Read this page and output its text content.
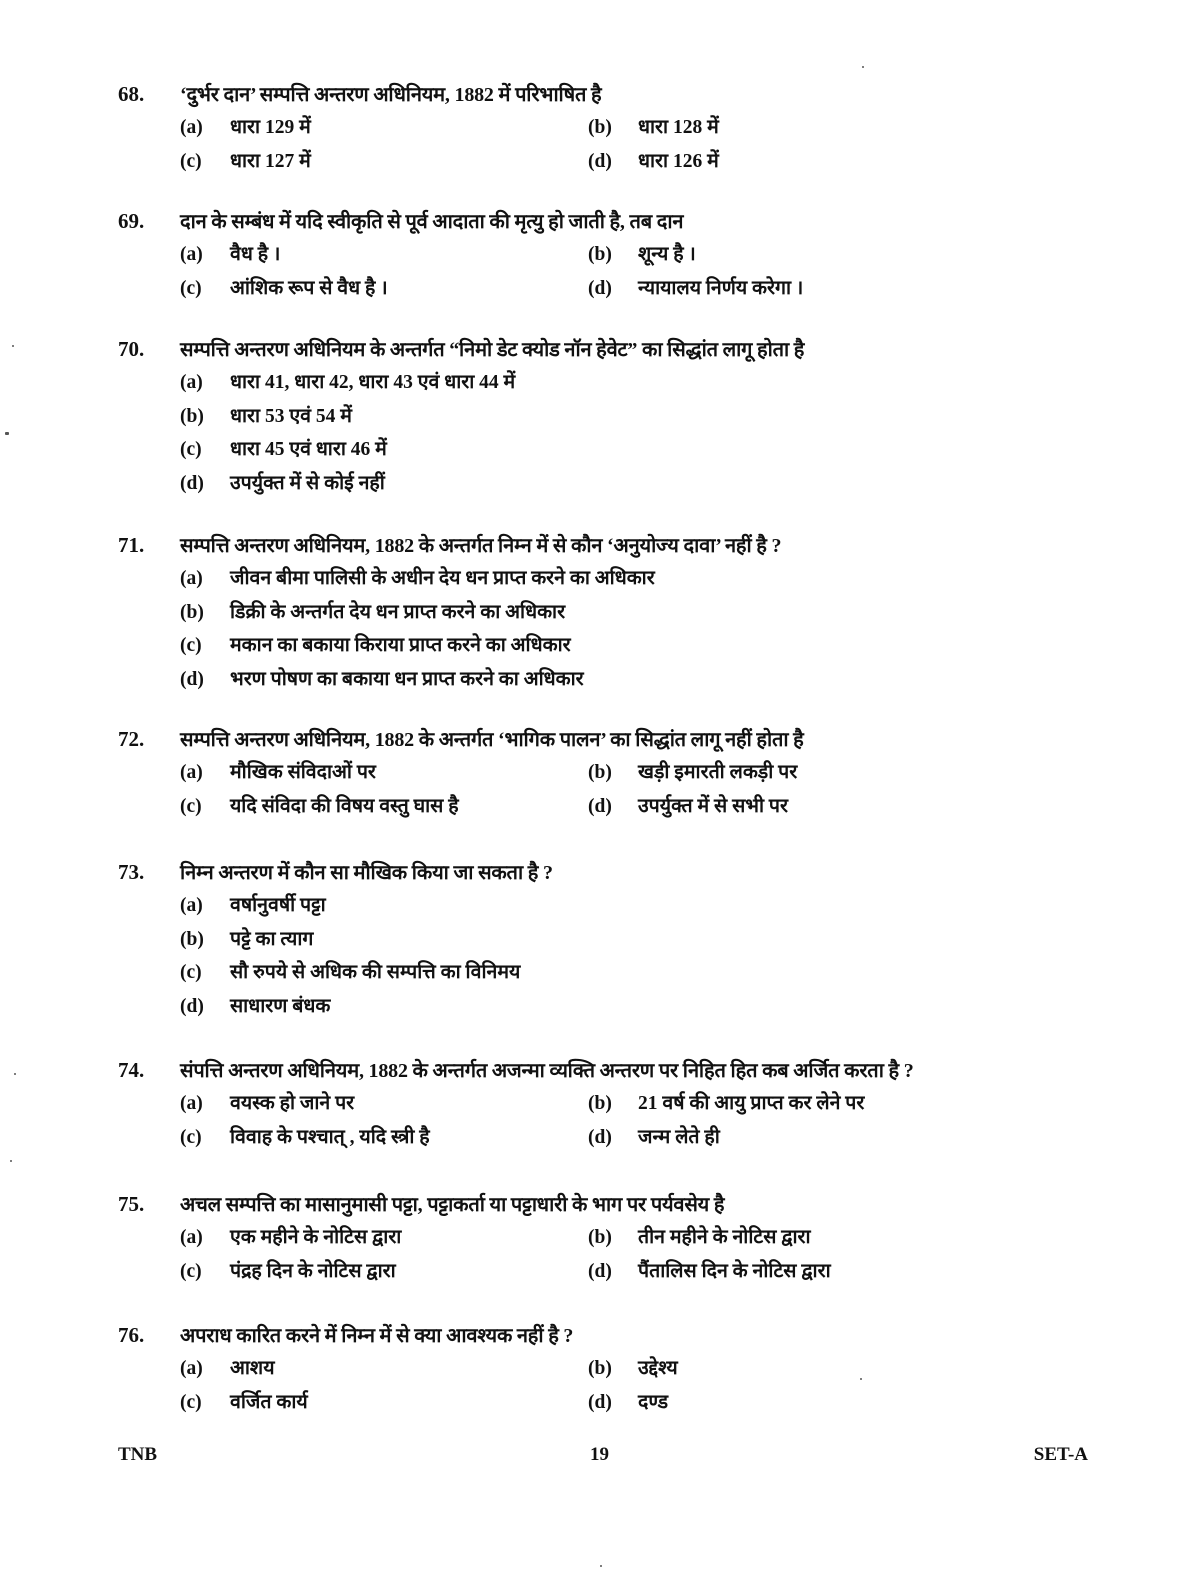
68.	‘दुर्भर दान’ सम्पत्ति अन्तरण अधिनियम, 1882 में परिभाषित है
(a)	धारा 129 में	(b)	धारा 128 में
(c)	धारा 127 में	(d)	धारा 126 में
69.	दान के सम्बंध में यदि स्वीकृति से पूर्व आदाता की मृत्यु हो जाती है, तब दान
(a)	वैध है ।	(b)	शून्य है ।
(c)	आंशिक रूप से वैध है ।	(d)	न्यायालय निर्णय करेगा ।
70.	सम्पत्ति अन्तरण अधिनियम के अन्तर्गत “निमो डेट क्योड नॉन हेवेट” का सिद्धांत लागू होता है
(a)	धारा 41, धारा 42, धारा 43 एवं धारा 44 में
(b)	धारा 53 एवं 54 में
(c)	धारा 45 एवं धारा 46 में
(d)	उपर्युक्त में से कोई नहीं
71.	सम्पत्ति अन्तरण अधिनियम, 1882 के अन्तर्गत निम्न में से कौन ‘अनुयोज्य दावा’ नहीं है ?
(a)	जीवन बीमा पालिसी के अधीन देय धन प्राप्त करने का अधिकार
(b)	डिक्री के अन्तर्गत देय धन प्राप्त करने का अधिकार
(c)	मकान का बकाया किराया प्राप्त करने का अधिकार
(d)	भरण पोषण का बकाया धन प्राप्त करने का अधिकार
72.	सम्पत्ति अन्तरण अधिनियम, 1882 के अन्तर्गत ‘भागिक पालन’ का सिद्धांत लागू नहीं होता है
(a)	मौखिक संविदाओं पर	(b)	खड़ी इमारती लकड़ी पर
(c)	यदि संविदा की विषय वस्तु घास है	(d)	उपर्युक्त में से सभी पर
73.	निम्न अन्तरण में कौन सा मौखिक किया जा सकता है ?
(a)	वर्षानुवर्षी पट्टा
(b)	पट्टे का त्याग
(c)	सौ रुपये से अधिक की सम्पत्ति का विनिमय
(d)	साधारण बंधक
74.	संपत्ति अन्तरण अधिनियम, 1882 के अन्तर्गत अजन्मा व्यक्ति अन्तरण पर निहित हित कब अर्जित करता है ?
(a)	वयस्क हो जाने पर	(b)	21 वर्ष की आयु प्राप्त कर लेने पर
(c)	विवाह के पश्चात् , यदि स्त्री है	(d)	जन्म लेते ही
75.	अचल सम्पत्ति का मासानुमासी पट्टा, पट्टाकर्ता या पट्टाधारी के भाग पर पर्यवसेय है
(a)	एक महीने के नोटिस द्वारा	(b)	तीन महीने के नोटिस द्वारा
(c)	पंद्रह दिन के नोटिस द्वारा	(d)	पैंतालिस दिन के नोटिस द्वारा
76.	अपराध कारित करने में निम्न में से क्या आवश्यक नहीं है ?
(a)	आशय	(b)	उद्देश्य
(c)	वर्जित कार्य	(d)	दण्ड
TNB	19	SET-A
